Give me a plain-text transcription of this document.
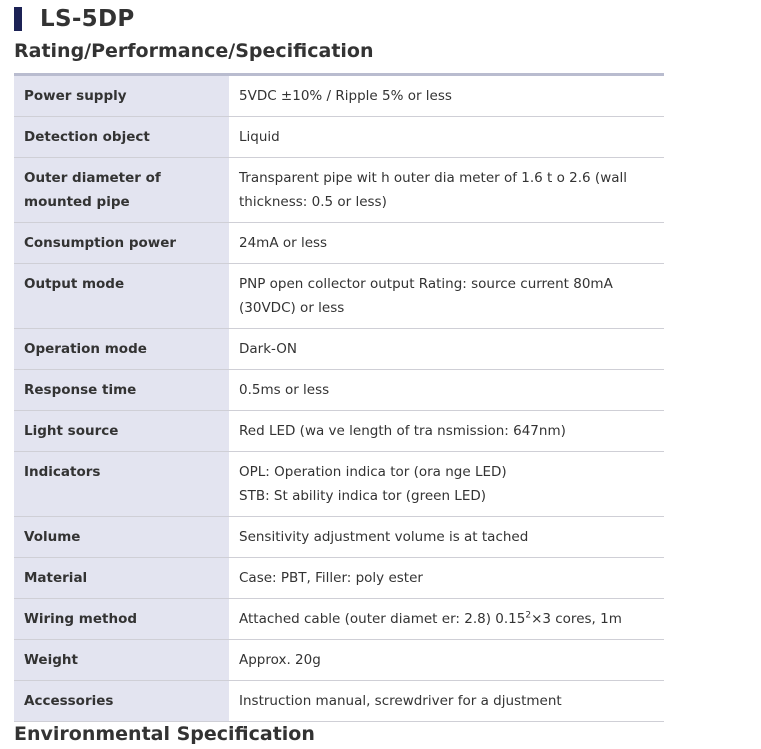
LS-5DP
Rating/Performance/Specification
Power supply	5VDC ±10% / Ripple 5% or less
Detection object	Liquid
Outer diameter of mounted pipe	Transparent pipe wit h outer dia meter of 1.6 t o 2.6 (wall thickness: 0.5 or less)
Consumption power	24mA or less
Output mode	PNP open collector output Rating: source current 80mA (30VDC) or less
Operation mode	Dark-ON
Response time	0.5ms or less
Light source	Red LED (wa ve length of tra nsmission: 647nm)
Indicators	OPL: Operation indica tor (ora nge LED)
STB: St ability indica tor (green LED)

Volume	Sensitivity adjustment volume is at tached
Material	Case: PBT, Filler: poly ester
Wiring method	Attached cable (outer diamet er: 2.8) $0.15^2\times 3$ cores, 1m
Weight	Approx. 20g
Accessories	Instruction manual, screwdriver for a djustment
Environmental Specification
